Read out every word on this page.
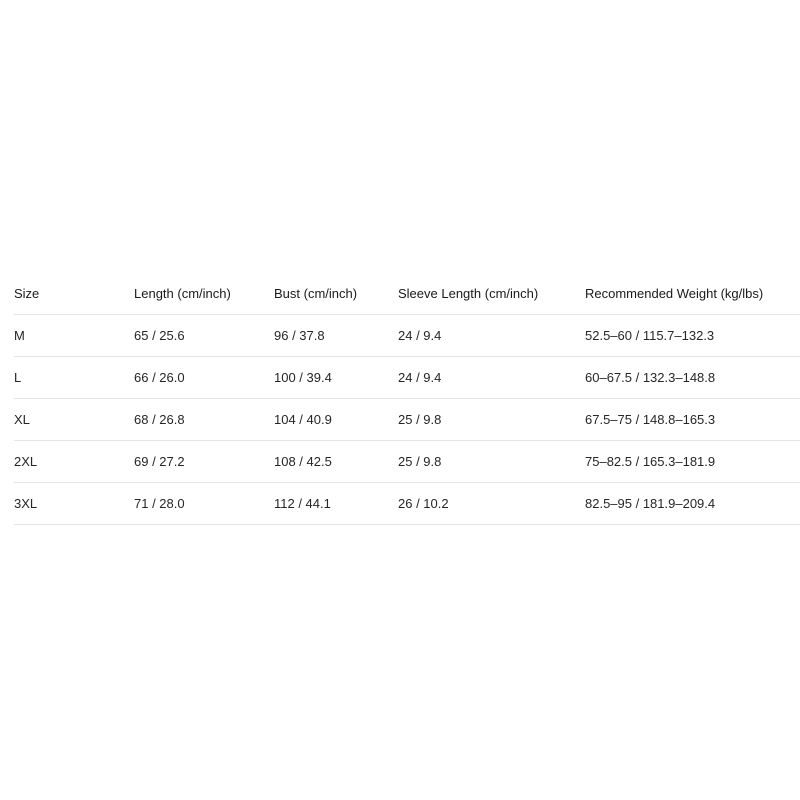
Size	Length (cm/inch)	Bust (cm/inch)	Sleeve Length (cm/inch)	Recommended Weight (kg/lbs)
M	65 / 25.6	96 / 37.8	24 / 9.4	52.5–60 / 115.7–132.3
L	66 / 26.0	100 / 39.4	24 / 9.4	60–67.5 / 132.3–148.8
XL	68 / 26.8	104 / 40.9	25 / 9.8	67.5–75 / 148.8–165.3
2XL	69 / 27.2	108 / 42.5	25 / 9.8	75–82.5 / 165.3–181.9
3XL	71 / 28.0	112 / 44.1	26 / 10.2	82.5–95 / 181.9–209.4
